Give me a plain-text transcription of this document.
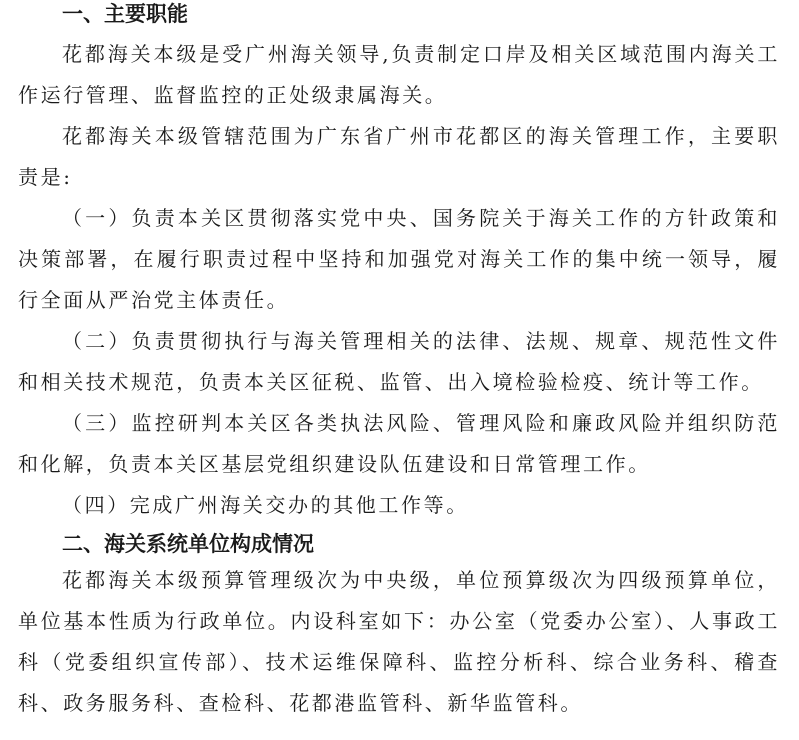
一、主要职能

花都海关本级是受广州海关领导,负责制定口岸及相关区域范围内海关工作运行管理、监督监控的正处级隶属海关。

花都海关本级管辖范围为广东省广州市花都区的海关管理工作，主要职责是:

（一）负责本关区贯彻落实党中央、国务院关于海关工作的方针政策和决策部署，在履行职责过程中坚持和加强党对海关工作的集中统一领导，履行全面从严治党主体责任。

（二）负责贯彻执行与海关管理相关的法律、法规、规章、规范性文件和相关技术规范，负责本关区征税、监管、出入境检验检疫、统计等工作。

（三）监控研判本关区各类执法风险、管理风险和廉政风险并组织防范和化解，负责本关区基层党组织建设队伍建设和日常管理工作。

（四）完成广州海关交办的其他工作等。

二、海关系统单位构成情况

花都海关本级预算管理级次为中央级，单位预算级次为四级预算单位，单位基本性质为行政单位。内设科室如下：办公室（党委办公室）、人事政工科（党委组织宣传部）、技术运维保障科、监控分析科、综合业务科、稽查科、政务服务科、查检科、花都港监管科、新华监管科。
